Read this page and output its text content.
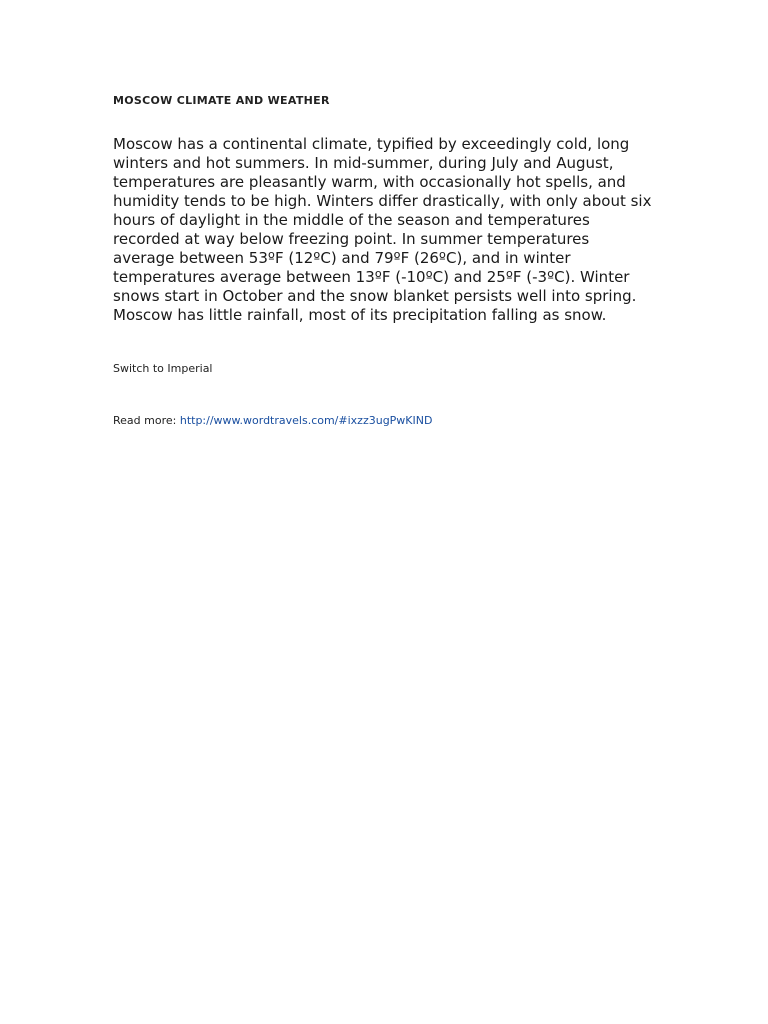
MOSCOW CLIMATE AND WEATHER

Moscow has a continental climate, typified by exceedingly cold, long winters and hot summers. In mid-summer, during July and August, temperatures are pleasantly warm, with occasionally hot spells, and humidity tends to be high. Winters differ drastically, with only about six hours of daylight in the middle of the season and temperatures recorded at way below freezing point. In summer temperatures average between 53ºF (12ºC) and 79ºF (26ºC), and in winter temperatures average between 13ºF (-10ºC) and 25ºF (-3ºC). Winter snows start in October and the snow blanket persists well into spring. Moscow has little rainfall, most of its precipitation falling as snow.

Switch to Imperial
Read more: http://www.wordtravels.com/#ixzz3ugPwKIND
